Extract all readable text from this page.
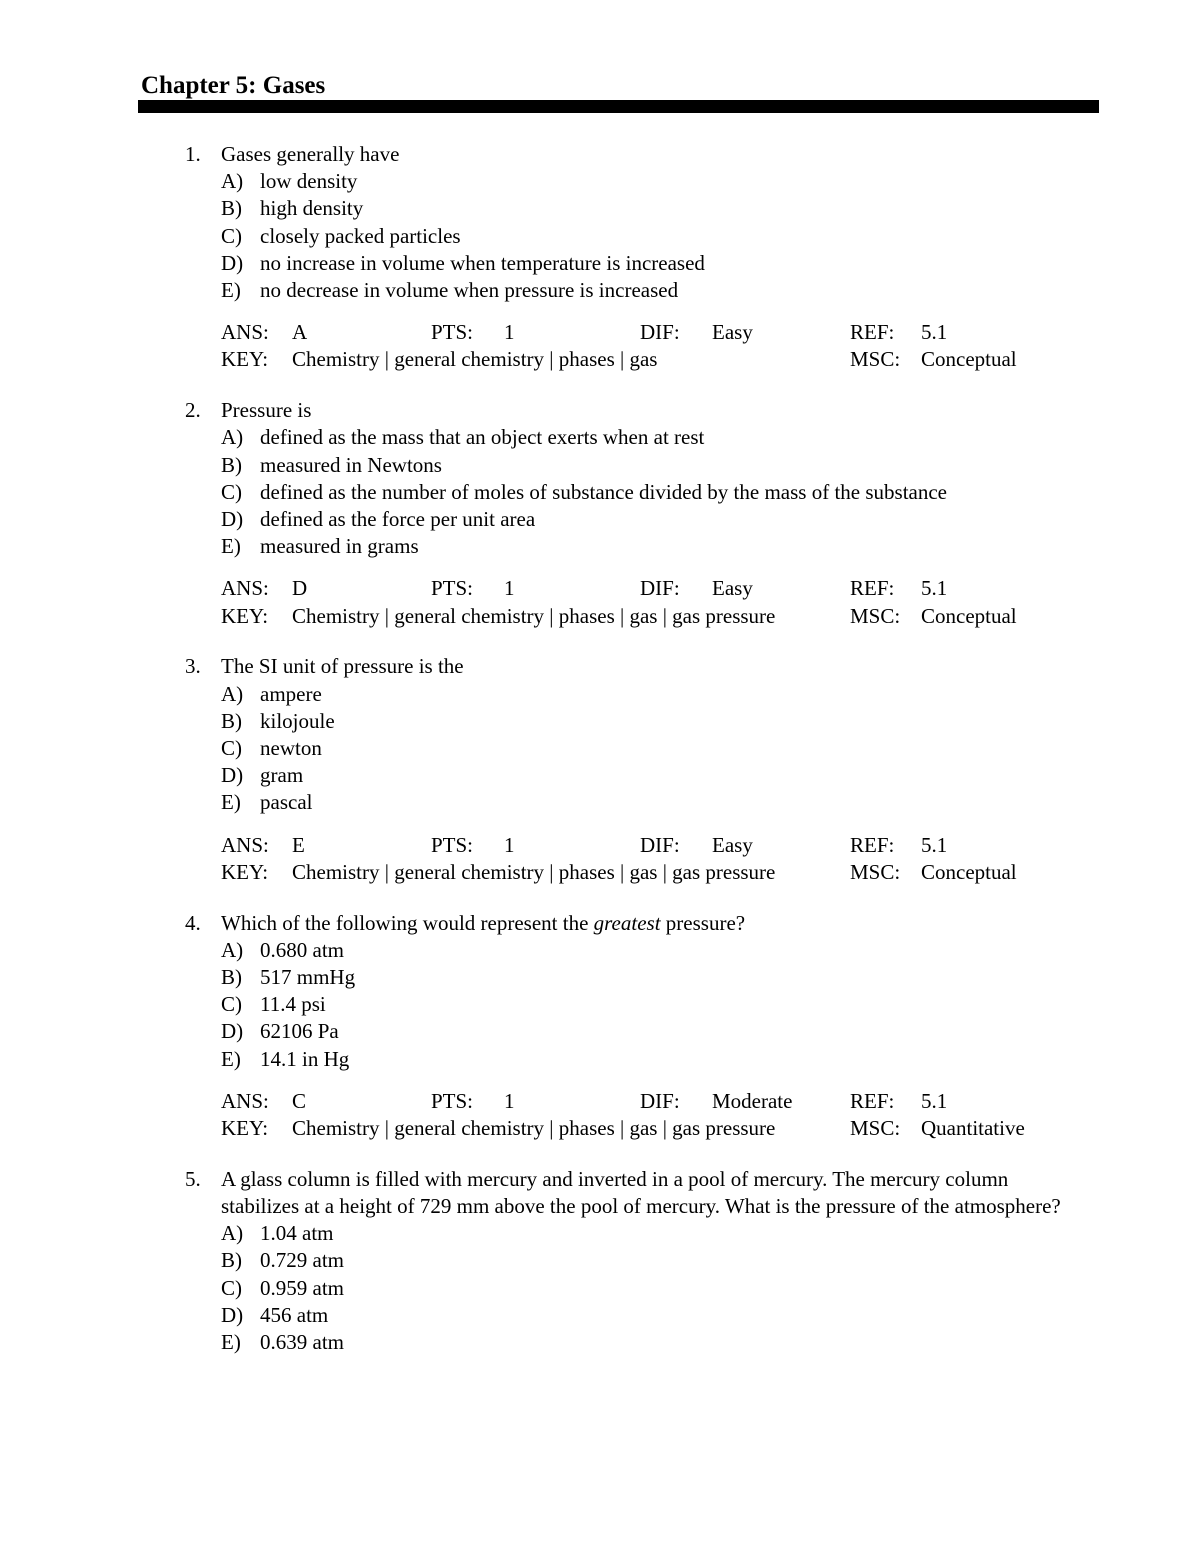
Chapter 5: Gases
1. Gases generally have
A) low density
B) high density
C) closely packed particles
D) no increase in volume when temperature is increased
E) no decrease in volume when pressure is increased
ANS: A	PTS: 1	DIF: Easy	REF: 5.1
KEY: Chemistry | general chemistry | phases | gas	MSC: Conceptual
2. Pressure is
A) defined as the mass that an object exerts when at rest
B) measured in Newtons
C) defined as the number of moles of substance divided by the mass of the substance
D) defined as the force per unit area
E) measured in grams
ANS: D	PTS: 1	DIF: Easy	REF: 5.1
KEY: Chemistry | general chemistry | phases | gas | gas pressure	MSC: Conceptual
3. The SI unit of pressure is the
A) ampere
B) kilojoule
C) newton
D) gram
E) pascal
ANS: E	PTS: 1	DIF: Easy	REF: 5.1
KEY: Chemistry | general chemistry | phases | gas | gas pressure	MSC: Conceptual
4. Which of the following would represent the greatest pressure?
A) 0.680 atm
B) 517 mmHg
C) 11.4 psi
D) 62106 Pa
E) 14.1 in Hg
ANS: C	PTS: 1	DIF: Moderate	REF: 5.1
KEY: Chemistry | general chemistry | phases | gas | gas pressure	MSC: Quantitative
5. A glass column is filled with mercury and inverted in a pool of mercury. The mercury column stabilizes at a height of 729 mm above the pool of mercury. What is the pressure of the atmosphere?
A) 1.04 atm
B) 0.729 atm
C) 0.959 atm
D) 456 atm
E) 0.639 atm
